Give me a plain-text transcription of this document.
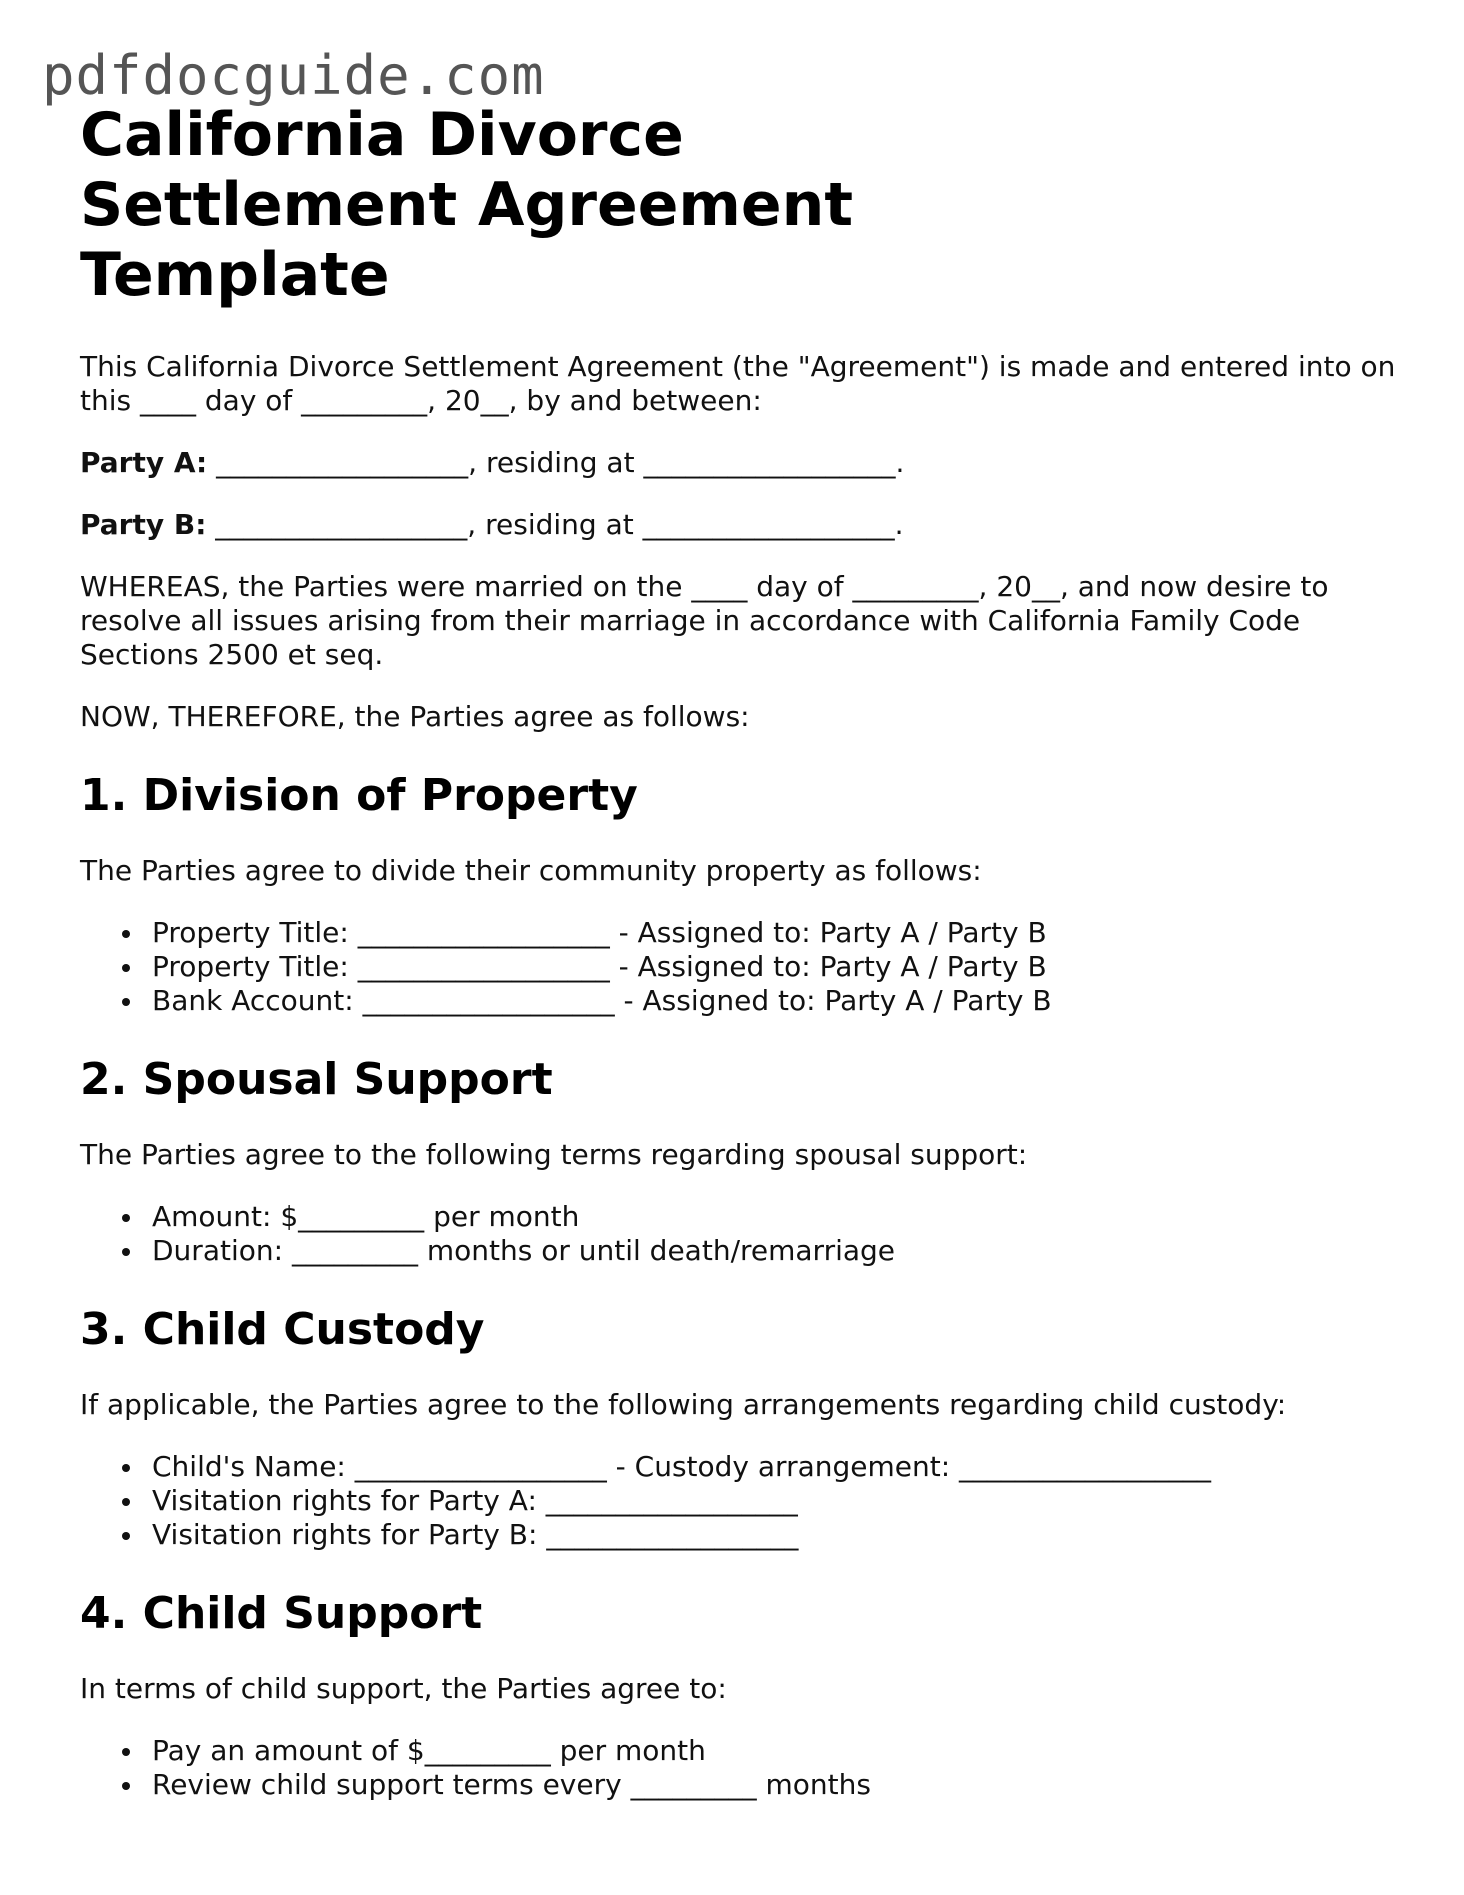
pdfdocguide.com
California Divorce Settlement Agreement Template

This California Divorce Settlement Agreement (the "Agreement") is made and entered into on this ____ day of _________, 20__, by and between:

Party A: __________________, residing at __________________.

Party B: __________________, residing at __________________.

WHEREAS, the Parties were married on the ____ day of _________, 20__, and now desire to resolve all issues arising from their marriage in accordance with California Family Code Sections 2500 et seq.

NOW, THEREFORE, the Parties agree as follows:

1. Division of Property

The Parties agree to divide their community property as follows:

Property Title: __________________ - Assigned to: Party A / Party B
Property Title: __________________ - Assigned to: Party A / Party B
Bank Account: __________________ - Assigned to: Party A / Party B
2. Spousal Support

The Parties agree to the following terms regarding spousal support:

Amount: $_________ per month
Duration: _________ months or until death/remarriage
3. Child Custody

If applicable, the Parties agree to the following arrangements regarding child custody:

Child's Name: __________________ - Custody arrangement: __________________
Visitation rights for Party A: __________________
Visitation rights for Party B: __________________
4. Child Support

In terms of child support, the Parties agree to:

Pay an amount of $_________ per month
Review child support terms every _________ months
